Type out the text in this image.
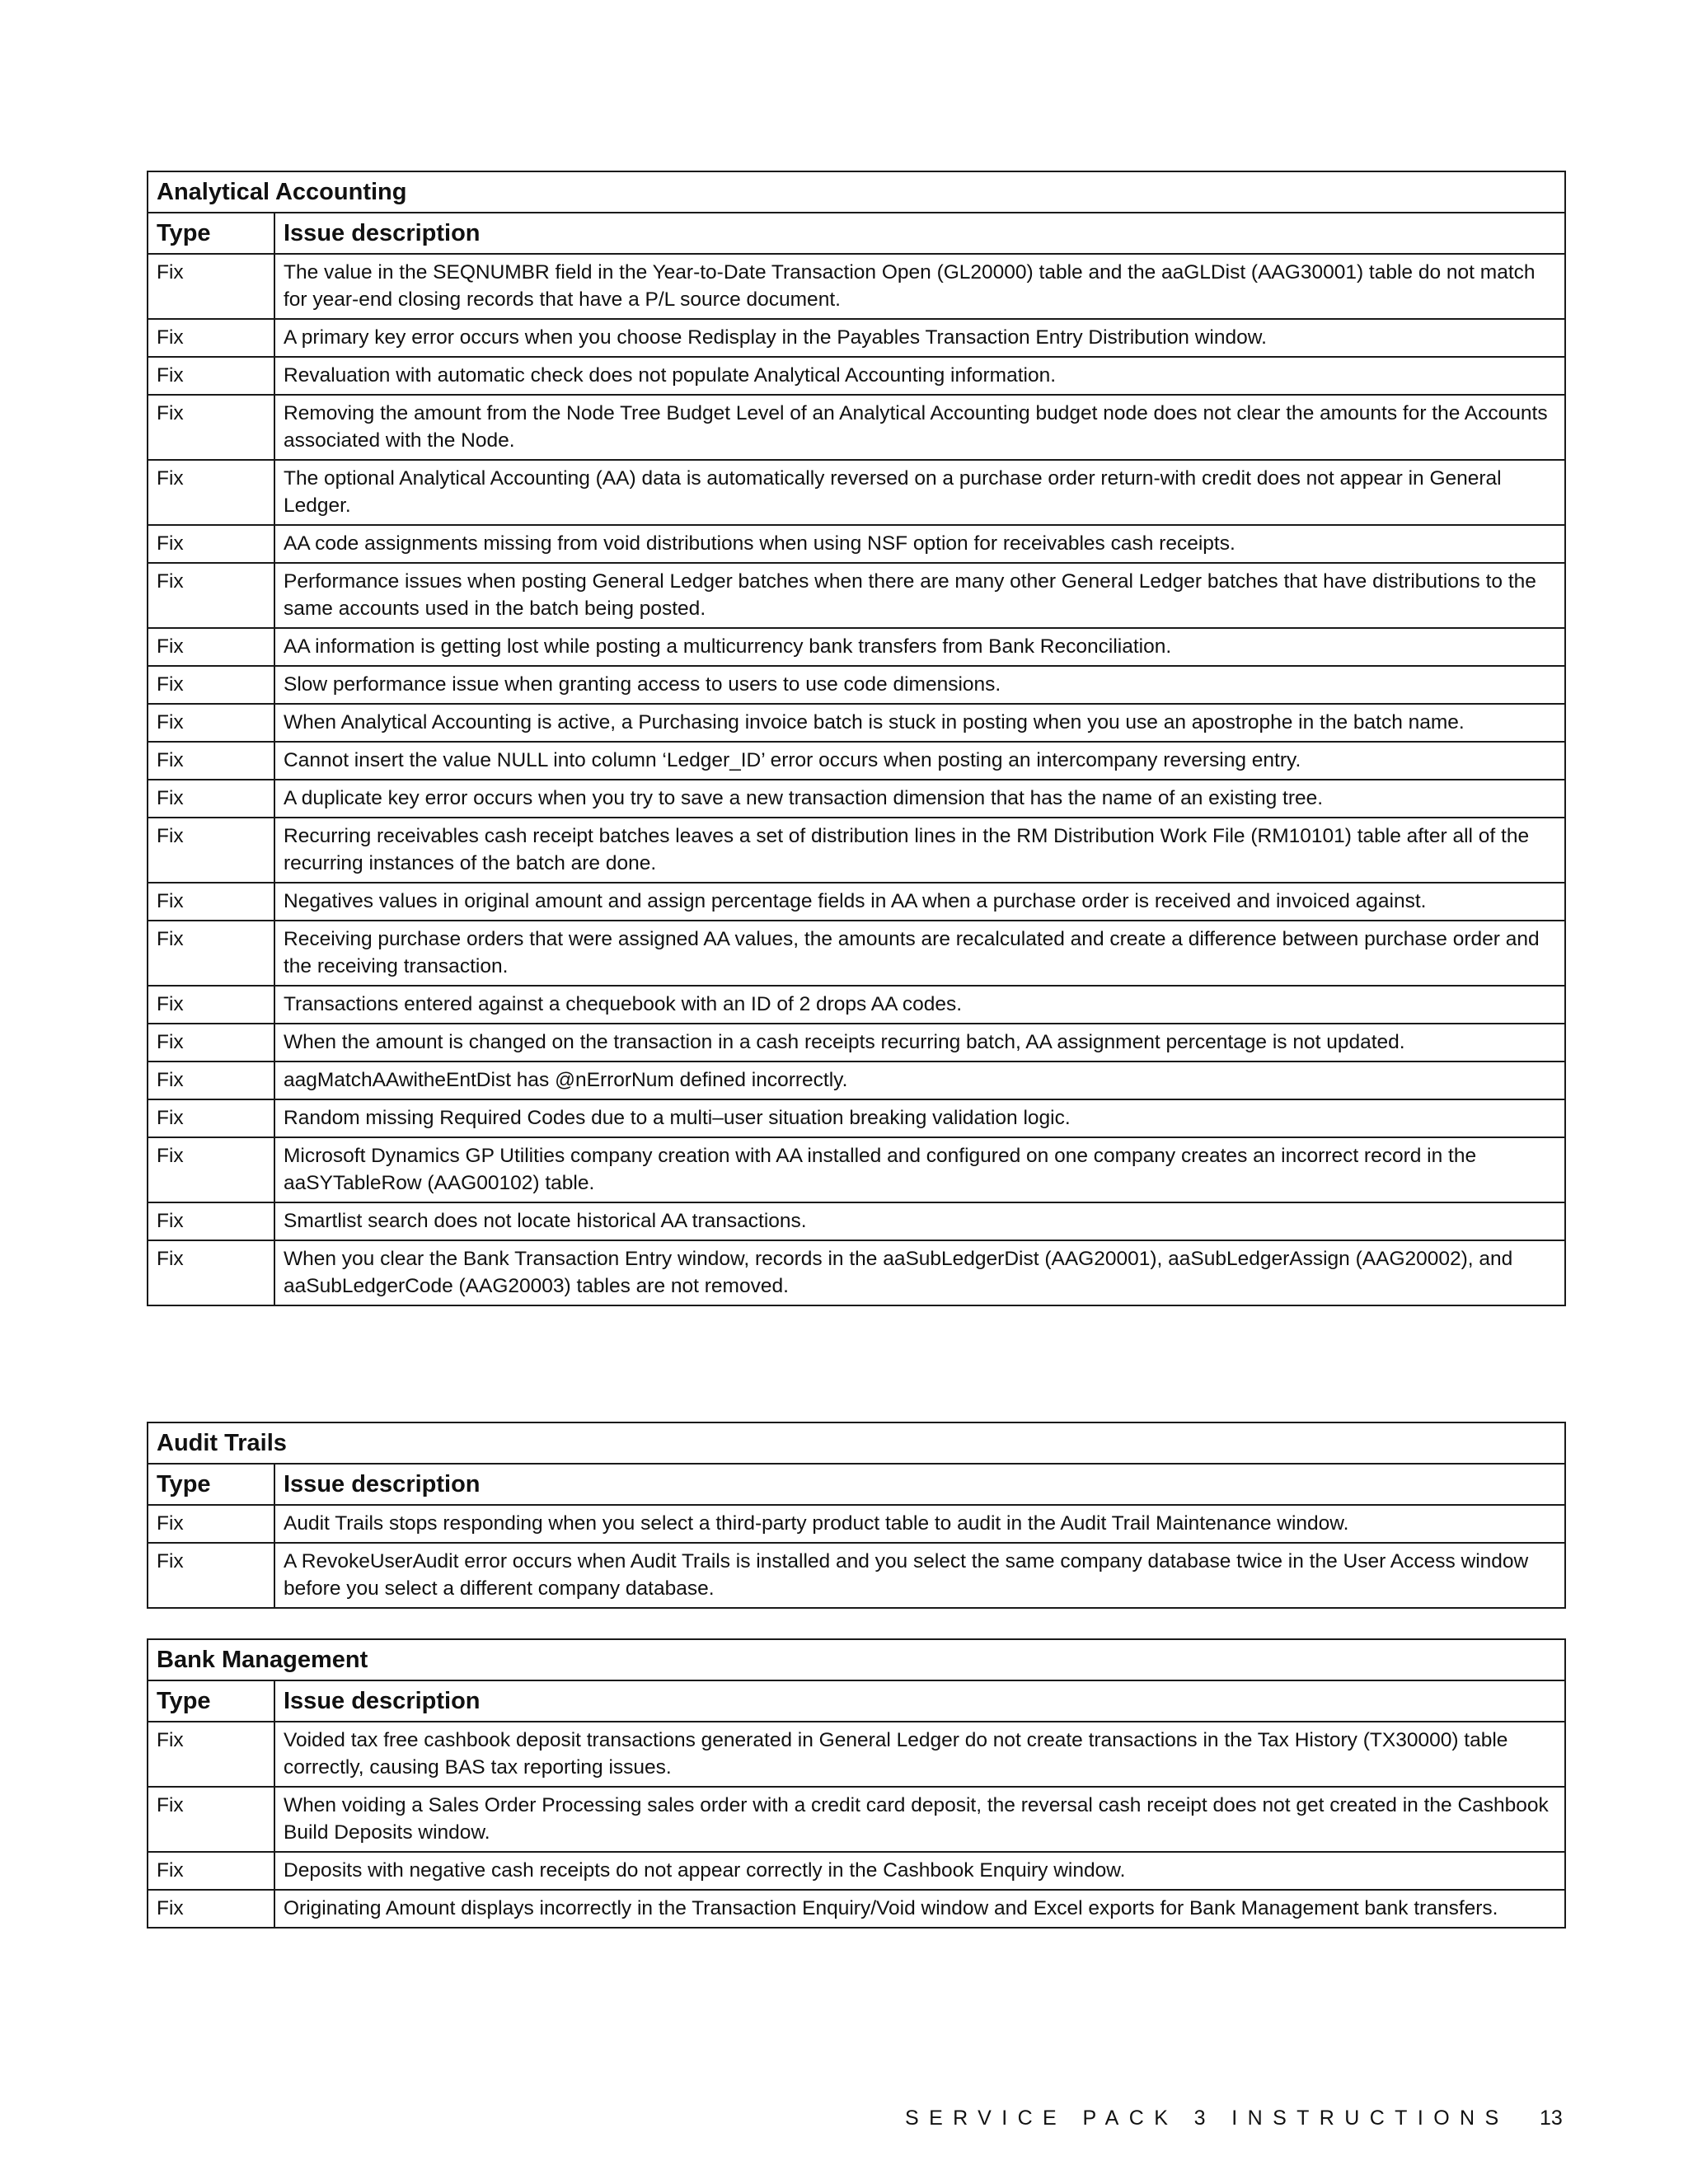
Analytical Accounting	
Type	Issue description
Fix	The value in the SEQNUMBR field in the Year-to-Date Transaction Open (GL20000) table and the aaGLDist (AAG30001) table do not match for year-end closing records that have a P/L source document.
Fix	A primary key error occurs when you choose Redisplay in the Payables Transaction Entry Distribution window.
Fix	Revaluation with automatic check does not populate Analytical Accounting information.
Fix	Removing the amount from the Node Tree Budget Level of an Analytical Accounting budget node does not clear the amounts for the Accounts associated with the Node.
Fix	The optional Analytical Accounting (AA) data is automatically reversed on a purchase order return-with credit does not appear in General Ledger.
Fix	AA code assignments missing from void distributions when using NSF option for receivables cash receipts.
Fix	Performance issues when posting General Ledger batches when there are many other General Ledger batches that have distributions to the same accounts used in the batch being posted.
Fix	AA information is getting lost while posting a multicurrency bank transfers from Bank Reconciliation.
Fix	Slow performance issue when granting access to users to use code dimensions.
Fix	When Analytical Accounting is active, a Purchasing invoice batch is stuck in posting when you use an apostrophe in the batch name.
Fix	Cannot insert the value NULL into column ‘Ledger_ID’ error occurs when posting an intercompany reversing entry.
Fix	A duplicate key error occurs when you try to save a new transaction dimension that has the name of an existing tree.
Fix	Recurring receivables cash receipt batches leaves a set of distribution lines in the RM Distribution Work File (RM10101) table after all of the recurring instances of the batch are done.
Fix	Negatives values in original amount and assign percentage fields in AA when a purchase order is received and invoiced against.
Fix	Receiving purchase orders that were assigned AA values, the amounts are recalculated and create a difference between purchase order and the receiving transaction.
Fix	Transactions entered against a chequebook with an ID of 2 drops AA codes.
Fix	When the amount is changed on the transaction in a cash receipts recurring batch, AA assignment percentage is not updated.
Fix	aagMatchAAwitheEntDist has @nErrorNum defined incorrectly.
Fix	Random missing Required Codes due to a multi–user situation breaking validation logic.
Fix	Microsoft Dynamics GP Utilities company creation with AA installed and configured on one company creates an incorrect record in the aaSYTableRow (AAG00102) table.
Fix	Smartlist search does not locate historical AA transactions.
Fix	When you clear the Bank Transaction Entry window, records in the aaSubLedgerDist (AAG20001), aaSubLedgerAssign (AAG20002), and aaSubLedgerCode (AAG20003) tables are not removed.
Audit Trails	
Type	Issue description
Fix	Audit Trails stops responding when you select a third-party product table to audit in the Audit Trail Maintenance window.
Fix	A RevokeUserAudit error occurs when Audit Trails is installed and you select the same company database twice in the User Access window before you select a different company database.
Bank Management	
Type	Issue description
Fix	Voided tax free cashbook deposit transactions generated in General Ledger do not create transactions in the Tax History (TX30000) table correctly, causing BAS tax reporting issues.
Fix	When voiding a Sales Order Processing sales order with a credit card deposit, the reversal cash receipt does not get created in the Cashbook Build Deposits window.
Fix	Deposits with negative cash receipts do not appear correctly in the Cashbook Enquiry window.
Fix	Originating Amount displays incorrectly in the Transaction Enquiry/Void window and Excel exports for Bank Management bank transfers.
SERVICE PACK 3 INSTRUCTIONS 13
